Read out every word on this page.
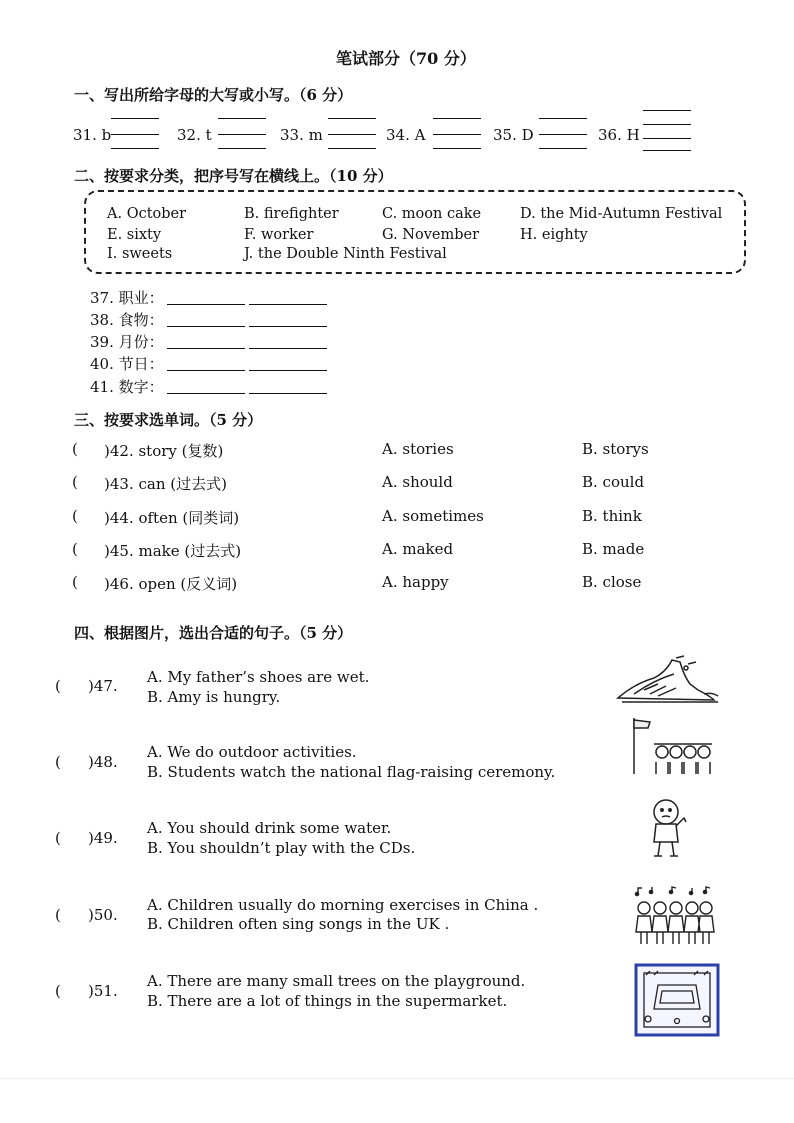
笔试部分（70 分）
一、写出所给字母的大写或小写。（6 分）
31. b	32. t	33. m	34. A	35. D	36. H
二、按要求分类，把序号写在横线上。（10 分）
A. October	B. firefighter	C. moon cake	D. the Mid-Autumn Festival
E. sixty	F. worker	G. November	H. eighty
I. sweets	J. the Double Ninth Festival
37. 职业：
38. 食物：
39. 月份：
40. 节日：
41. 数字：
三、按要求选单词。（5 分）
( )42. story (复数)	A. stories	B. storys
( )43. can (过去式)	A. should	B. could
( )44. often (同类词)	A. sometimes	B. think
( )45. make (过去式)	A. maked	B. made
( )46. open (反义词)	A. happy	B. close
四、根据图片，选出合适的句子。（5 分）
( )47. A. My father’s shoes are wet.
B. Amy is hungry.
( )48.
A. We do outdoor activities.
B. Students watch the national flag-raising ceremony.
( )49.
A. You should drink some water.
B. You shouldn’t play with the CDs.
( )50.
A. Children usually do morning exercises in China .
B. Children often sing songs in the UK .
( )51.
A. There are many small trees on the playground.
B. There are a lot of things in the supermarket.
